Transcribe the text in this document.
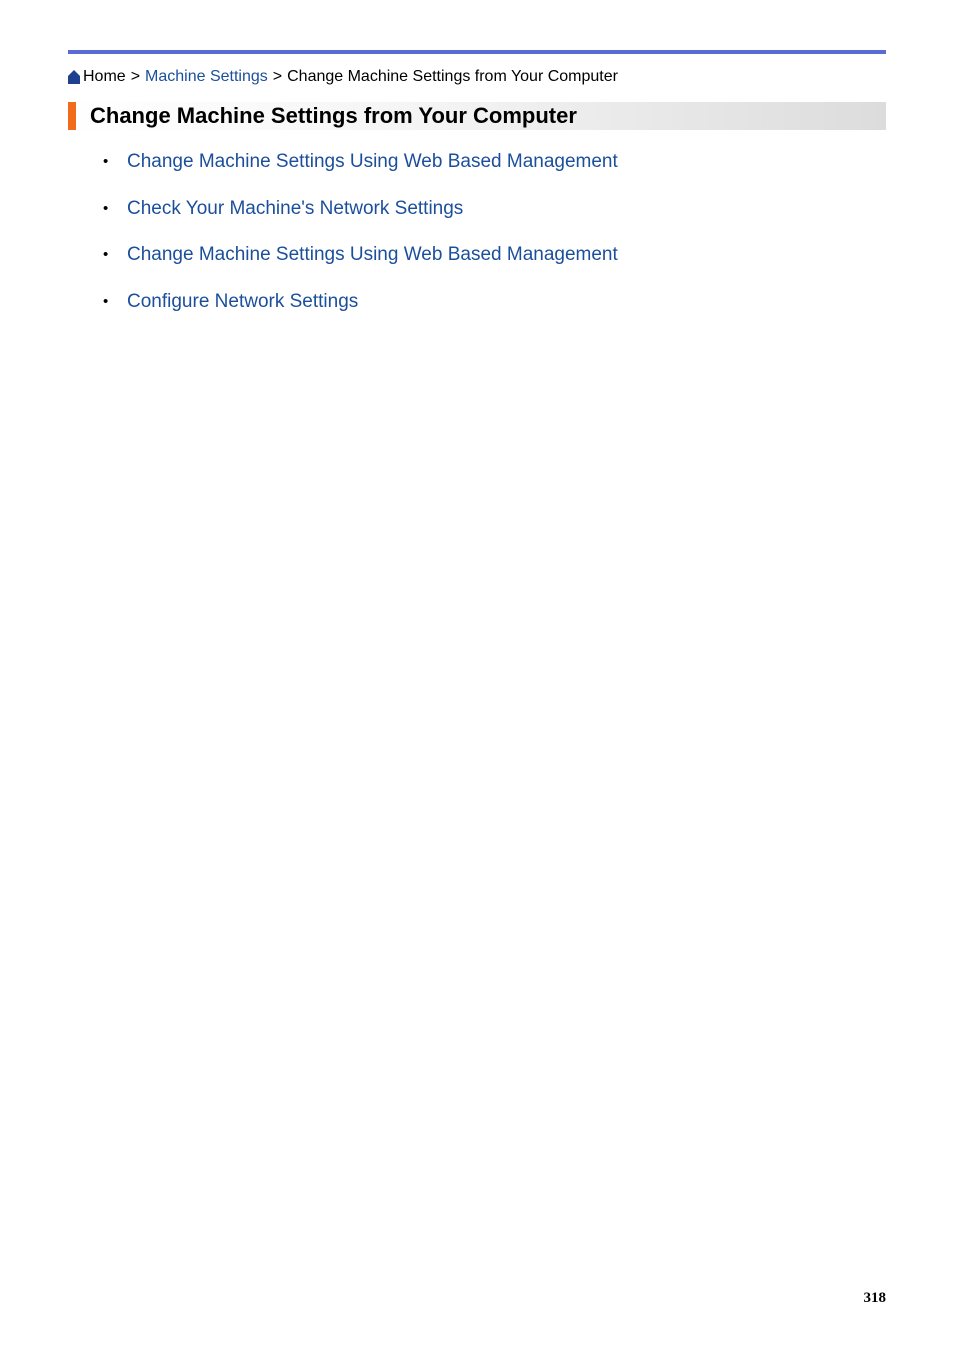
Home > Machine Settings > Change Machine Settings from Your Computer
Change Machine Settings from Your Computer
• Change Machine Settings Using Web Based Management
• Check Your Machine's Network Settings
• Change Machine Settings Using Web Based Management
• Configure Network Settings
318
